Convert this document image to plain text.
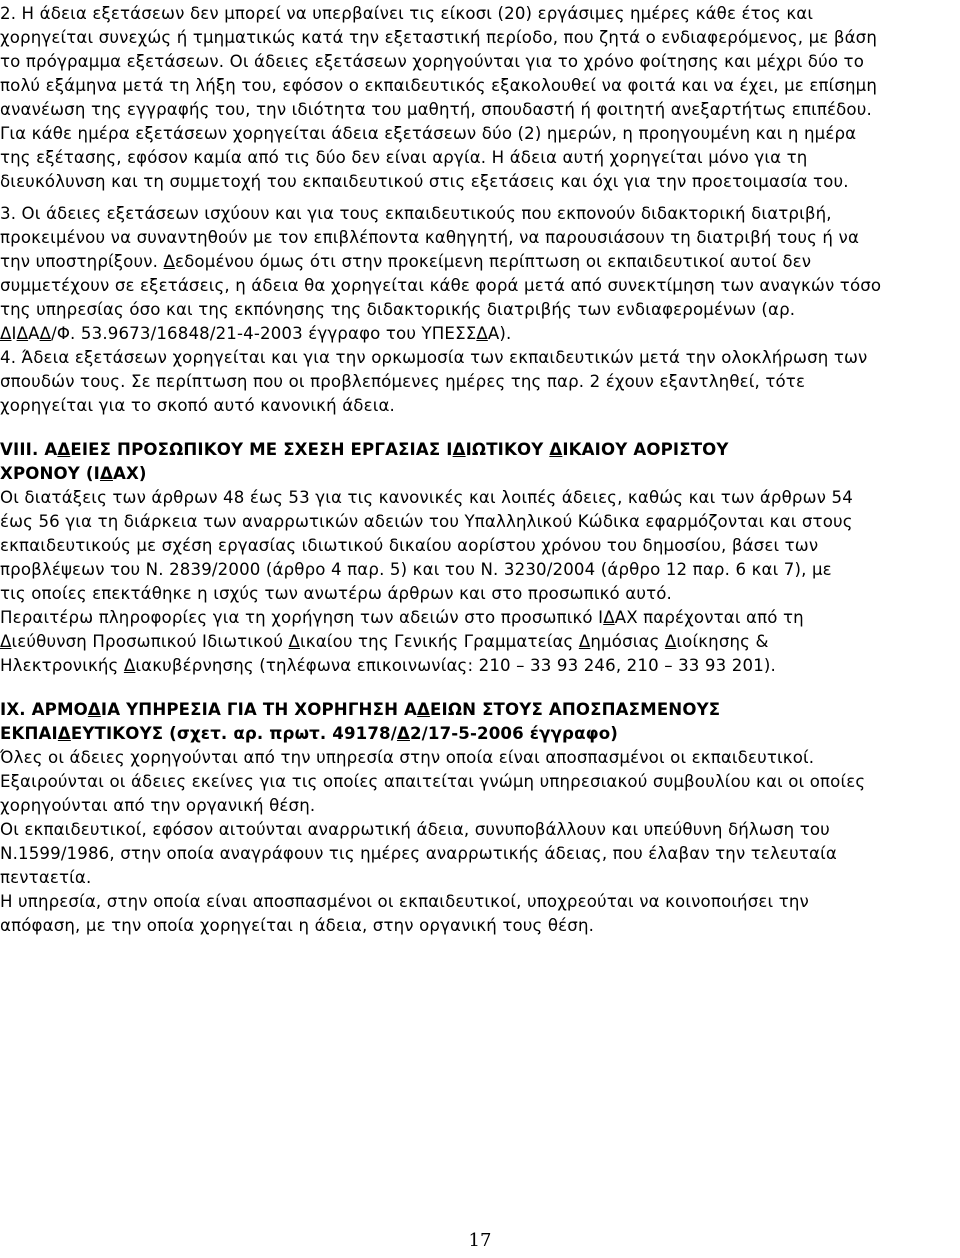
2. Η άδεια εξετάσεων δεν μπορεί να υπερβαίνει τις είκοσι (20) εργάσιμες ημέρες κάθε έτος και
χορηγείται συνεχώς ή τμηματικώς κατά την εξεταστική περίοδο, που ζητά ο ενδιαφερόμενος, με βάση
το πρόγραμμα εξετάσεων. Οι άδειες εξετάσεων χορηγούνται για το χρόνο φοίτησης και μέχρι δύο το
πολύ εξάμηνα μετά τη λήξη του, εφόσον ο εκπαιδευτικός εξακολουθεί να φοιτά και να έχει, με επίσημη
ανανέωση της εγγραφής του, την ιδιότητα του μαθητή, σπουδαστή ή φοιτητή ανεξαρτήτως επιπέδου.
Για κάθε ημέρα εξετάσεων χορηγείται άδεια εξετάσεων δύο (2) ημερών, η προηγουμένη και η ημέρα
της εξέτασης, εφόσον καμία από τις δύο δεν είναι αργία. Η άδεια αυτή χορηγείται μόνο για τη
διευκόλυνση και τη συμμετοχή του εκπαιδευτικού στις εξετάσεις και όχι για την προετοιμασία του.
3. Οι άδειες εξετάσεων ισχύουν και για τους εκπαιδευτικούς που εκπονούν διδακτορική διατριβή,
προκειμένου να συναντηθούν με τον επιβλέποντα καθηγητή, να παρουσιάσουν τη διατριβή τους ή να
την υποστηρίξουν. Δεδομένου όμως ότι στην προκείμενη περίπτωση οι εκπαιδευτικοί αυτοί δεν
συμμετέχουν σε εξετάσεις, η άδεια θα χορηγείται κάθε φορά μετά από συνεκτίμηση των αναγκών τόσο
της υπηρεσίας όσο και της εκπόνησης της διδακτορικής διατριβής των ενδιαφερομένων (αρ.
ΔΙΔΑΔ/Φ. 53.9673/16848/21-4-2003 έγγραφο του ΥΠΕΣΣΔΑ).
4. Άδεια εξετάσεων χορηγείται και για την ορκωμοσία των εκπαιδευτικών μετά την ολοκλήρωση των
σπουδών τους. Σε περίπτωση που οι προβλεπόμενες ημέρες της παρ. 2 έχουν εξαντληθεί, τότε
χορηγείται για το σκοπό αυτό κανονική άδεια.
VIII. ΑΔΕΙΕΣ ΠΡΟΣΩΠΙΚΟΥ ΜΕ ΣΧΕΣΗ ΕΡΓΑΣΙΑΣ ΙΔΙΩΤΙΚΟΥ ΔΙΚΑΙΟΥ ΑΟΡΙΣΤΟΥ
ΧΡΟΝΟΥ (ΙΔΑΧ)
Οι διατάξεις των άρθρων 48 έως 53 για τις κανονικές και λοιπές άδειες, καθώς και των άρθρων 54
έως 56 για τη διάρκεια των αναρρωτικών αδειών του Υπαλληλικού Κώδικα εφαρμόζονται και στους
εκπαιδευτικούς με σχέση εργασίας ιδιωτικού δικαίου αορίστου χρόνου του δημοσίου, βάσει των
προβλέψεων του Ν. 2839/2000 (άρθρο 4 παρ. 5) και του Ν. 3230/2004 (άρθρο 12 παρ. 6 και 7), με
τις οποίες επεκτάθηκε η ισχύς των ανωτέρω άρθρων και στο προσωπικό αυτό.
Περαιτέρω πληροφορίες για τη χορήγηση των αδειών στο προσωπικό ΙΔΑΧ παρέχονται από τη
Διεύθυνση Προσωπικού Ιδιωτικού Δικαίου της Γενικής Γραμματείας Δημόσιας Διοίκησης &
Ηλεκτρονικής Διακυβέρνησης (τηλέφωνα επικοινωνίας: 210 – 33 93 246, 210 – 33 93 201).
IX. ΑΡΜΟΔΙΑ ΥΠΗΡΕΣΙΑ ΓΙΑ ΤΗ ΧΟΡΗΓΗΣΗ ΑΔΕΙΩΝ ΣΤΟΥΣ ΑΠΟΣΠΑΣΜΕΝΟΥΣ
ΕΚΠΑΙΔΕΥΤΙΚΟΥΣ (σχετ. αρ. πρωτ. 49178/Δ2/17-5-2006 έγγραφο)
Όλες οι άδειες χορηγούνται από την υπηρεσία στην οποία είναι αποσπασμένοι οι εκπαιδευτικοί.
Εξαιρούνται οι άδειες εκείνες για τις οποίες απαιτείται γνώμη υπηρεσιακού συμβουλίου και οι οποίες
χορηγούνται από την οργανική θέση.
Οι εκπαιδευτικοί, εφόσον αιτούνται αναρρωτική άδεια, συνυποβάλλουν και υπεύθυνη δήλωση του
Ν.1599/1986, στην οποία αναγράφουν τις ημέρες αναρρωτικής άδειας, που έλαβαν την τελευταία
πενταετία.
Η υπηρεσία, στην οποία είναι αποσπασμένοι οι εκπαιδευτικοί, υποχρεούται να κοινοποιήσει την
απόφαση, με την οποία χορηγείται η άδεια, στην οργανική τους θέση.
17
